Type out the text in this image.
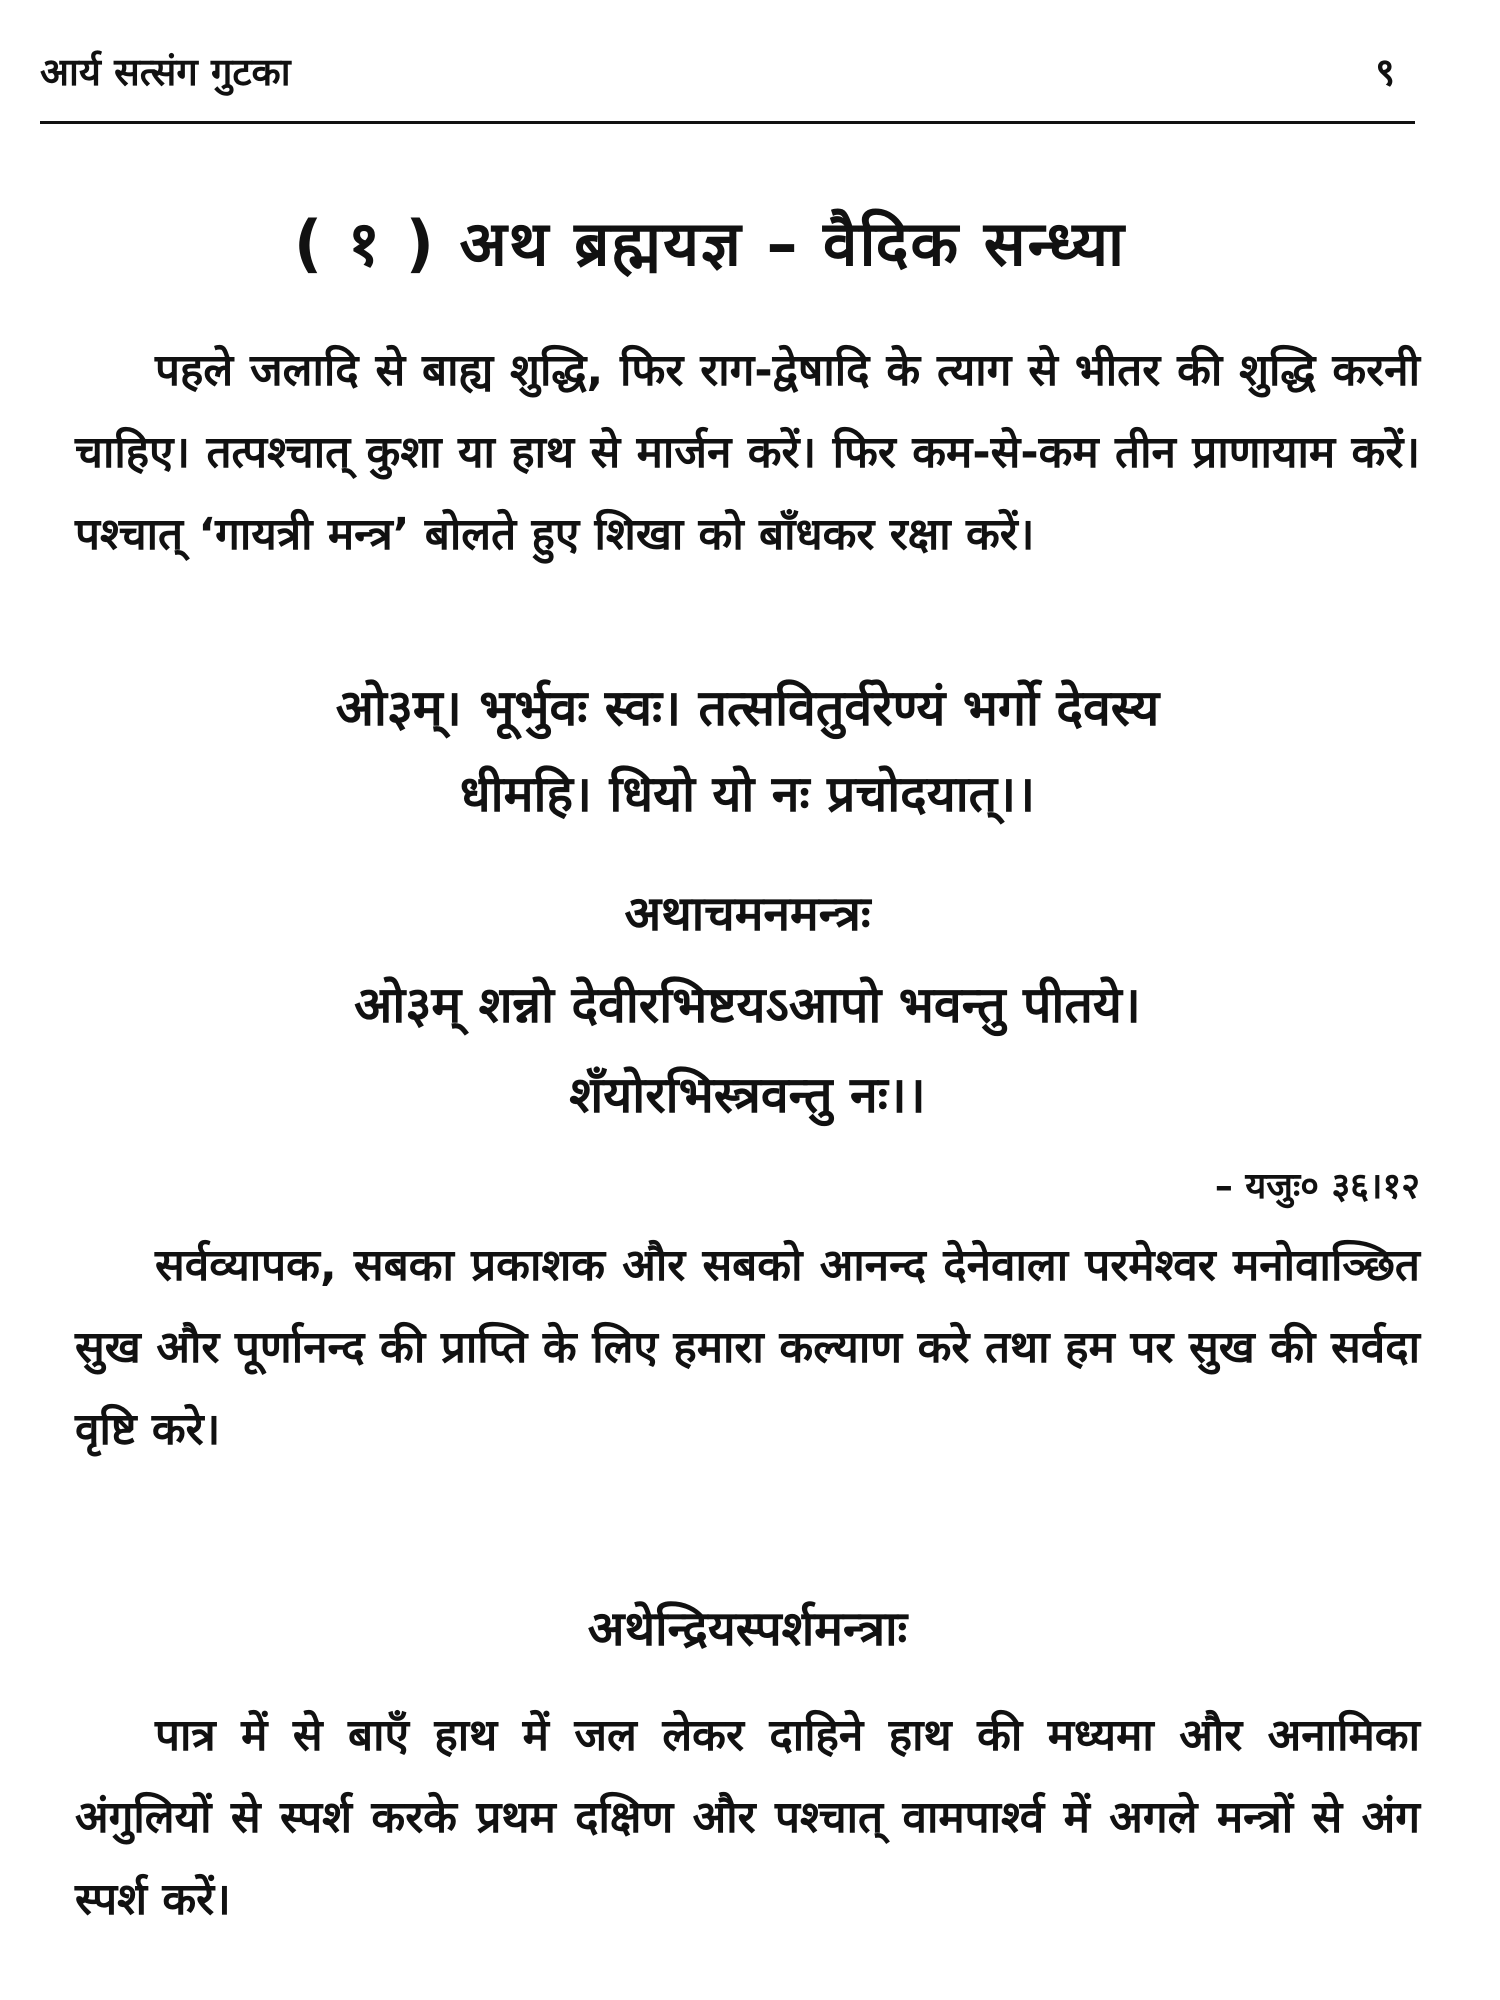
आर्य सत्संग गुटका	९
( १ ) अथ ब्रह्मयज्ञ – वैदिक सन्ध्या

पहले जलादि से बाह्य शुद्धि, फिर राग-द्वेषादि के त्याग से भीतर की शुद्धि करनी चाहिए। तत्पश्चात् कुशा या हाथ से मार्जन करें। फिर कम-से-कम तीन प्राणायाम करें। पश्चात् ‘गायत्री मन्त्र’ बोलते हुए शिखा को बाँधकर रक्षा करें।

ओ३म्। भूर्भुवः स्वः। तत्सवितुर्वरेण्यं भर्गो देवस्य
धीमहि। धियो यो नः प्रचोदयात्।।

अथाचमनमन्त्रः

ओ३म् शन्नो देवीरभिष्टयऽआपो भवन्तु पीतये।
शँयोरभिस्त्रवन्तु नः।।

– यजुः० ३६।१२

सर्वव्यापक, सबका प्रकाशक और सबको आनन्द देनेवाला परमेश्वर मनोवाञ्छित सुख और पूर्णानन्द की प्राप्ति के लिए हमारा कल्याण करे तथा हम पर सुख की सर्वदा वृष्टि करे।

अथेन्द्रियस्पर्शमन्त्राः

पात्र में से बाएँ हाथ में जल लेकर दाहिने हाथ की मध्यमा और अनामिका अंगुलियों से स्पर्श करके प्रथम दक्षिण और पश्चात् वामपार्श्व में अगले मन्त्रों से अंग स्पर्श करें।
